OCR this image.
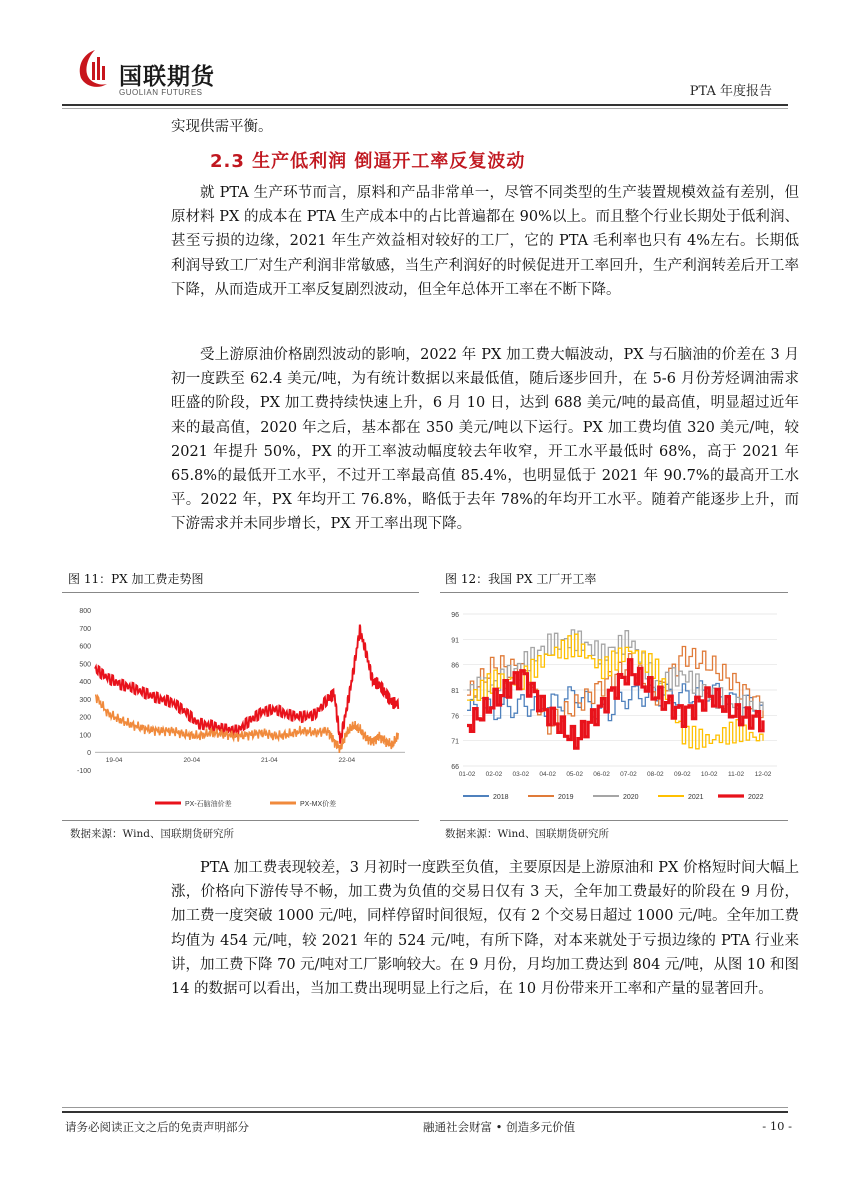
国联期货
GUOLIAN FUTURES	PTA 年度报告
实现供需平衡。
2.3 生产低利润 倒逼开工率反复波动
就 PTA 生产环节而言，原料和产品非常单一，尽管不同类型的生产装置规模效益有差别，但原材料 PX 的成本在 PTA 生产成本中的占比普遍都在 90%以上。而且整个行业长期处于低利润、甚至亏损的边缘，2021 年生产效益相对较好的工厂，它的 PTA 毛利率也只有 4%左右。长期低利润导致工厂对生产利润非常敏感，当生产利润好的时候促进开工率回升，生产利润转差后开工率下降，从而造成开工率反复剧烈波动，但全年总体开工率在不断下降。
受上游原油价格剧烈波动的影响，2022 年 PX 加工费大幅波动，PX 与石脑油的价差在 3 月初一度跌至 62.4 美元/吨，为有统计数据以来最低值，随后逐步回升，在 5-6 月份芳烃调油需求旺盛的阶段，PX 加工费持续快速上升，6 月 10 日，达到 688 美元/吨的最高值，明显超过近年来的最高值，2020 年之后，基本都在 350 美元/吨以下运行。PX 加工费均值 320 美元/吨，较 2021 年提升 50%，PX 的开工率波动幅度较去年收窄，开工水平最低时 68%，高于 2021 年 65.8%的最低开工水平，不过开工率最高值 85.4%，也明显低于 2021 年 90.7%的最高开工水平。2022 年，PX 年均开工 76.8%，略低于去年 78%的年均开工水平。随着产能逐步上升，而下游需求并未同步增长，PX 开工率出现下降。
图 11：PX 加工费走势图	图 12：我国 PX 工厂开工率
800
700
600
500
400
300
200
100
0
-100
19-04	20-04	21-04	22-04
PX-石脑油价差	PX-MX价差
96
91
86
81
76
71
66
01-02 02-02 03-02 04-02 05-02 06-02 07-02 08-02 09-02 10-02 11-02 12-02
2018	2019	2020	2021	2022
数据来源：Wind、国联期货研究所	数据来源：Wind、国联期货研究所
PTA 加工费表现较差，3 月初时一度跌至负值，主要原因是上游原油和 PX 价格短时间大幅上涨，价格向下游传导不畅，加工费为负值的交易日仅有 3 天，全年加工费最好的阶段在 9 月份，加工费一度突破 1000 元/吨，同样停留时间很短，仅有 2 个交易日超过 1000 元/吨。全年加工费均值为 454 元/吨，较 2021 年的 524 元/吨，有所下降，对本来就处于亏损边缘的 PTA 行业来讲，加工费下降 70 元/吨对工厂影响较大。在 9 月份，月均加工费达到 804 元/吨，从图 10 和图 14 的数据可以看出，当加工费出现明显上行之后，在 10 月份带来开工率和产量的显著回升。
请务必阅读正文之后的免责声明部分	融通社会财富 • 创造多元价值	- 10 -
